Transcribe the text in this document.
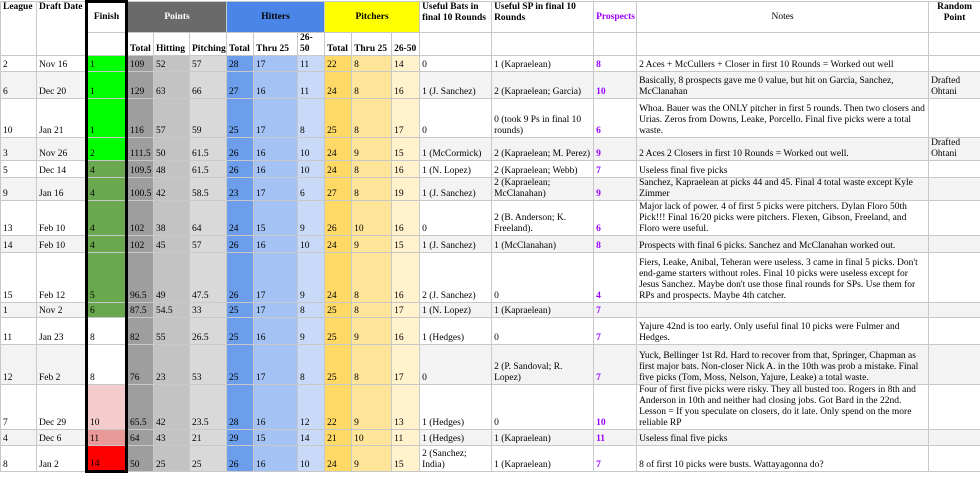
League	Draft Date	Finish	Points			Hitters			Pitchers			Useful Bats in final 10 Rounds	Useful SP in final 10 Rounds	Prospects	Notes	Random Point
			Total	Hitting	Pitching	Total	Thru 25	26-50	Total	Thru 25	26-50					
2	Nov 16	1	109	52	57	28	17	11	22	8	14	0	1 (Kapraelean)	8	2 Aces + McCullers + Closer in first 10 Rounds = Worked out well	
6	Dec 20	1	129	63	66	27	16	11	24	8	16	1 (J. Sanchez)	2 (Kapraelean; Garcia)	10	Basically, 8 prospects gave me 0 value, but hit on Garcia, Sanchez, McClanahan	Drafted Ohtani
10	Jan 21	1	116	57	59	25	17	8	25	8	17	0	0 (took 9 Ps in final 10 rounds)	6	Whoa. Bauer was the ONLY pitcher in first 5 rounds. Then two closers and Urias. Zeros from Downs, Leake, Porcello. Final five picks were a total waste.	
3	Nov 26	2	111.5	50	61.5	26	16	10	24	9	15	1 (McCormick)	2 (Kapraelean; M. Perez)	9	2 Aces 2 Closers in first 10 Rounds = Worked out well.	Drafted Ohtani
5	Dec 14	4	109.5	48	61.5	26	16	10	24	8	16	1 (N. Lopez)	2 (Kapraelean; Webb)	7	Useless final five picks	
9	Jan 16	4	100.5	42	58.5	23	17	6	27	8	19	1 (J. Sanchez)	2 (Kapraelean; McClanahan)	9	Sanchez, Kapraelean at picks 44 and 45. Final 4 total waste except Kyle Zimmer	
13	Feb 10	4	102	38	64	24	15	9	26	10	16	0	2 (B. Anderson; K. Freeland).	6	Major lack of power. 4 of first 5 picks were pitchers. Dylan Floro 50th Pick!!! Final 16/20 picks were pitchers. Flexen, Gibson, Freeland, and Floro were useful.	
14	Feb 10	4	102	45	57	26	16	10	24	9	15	1 (J. Sanchez)	1 (McClanahan)	8	Prospects with final 6 picks. Sanchez and McClanahan worked out.	
15	Feb 12	5	96.5	49	47.5	26	17	9	24	8	16	2 (J. Sanchez)	0	4	Fiers, Leake, Anibal, Teheran were useless. 3 came in final 5 picks. Don't end-game starters without roles. Final 10 picks were useless except for Jesus Sanchez. Maybe don't use those final rounds for SPs. Use them for RPs and prospects. Maybe 4th catcher.	
1	Nov 2	6	87.5	54.5	33	25	17	8	25	8	17	1 (N. Lopez)	1 (Kapraelean)	7		
11	Jan 23	8	82	55	26.5	25	16	9	25	9	16	1 (Hedges)	0	7	Yajure 42nd is too early. Only useful final 10 picks were Fulmer and Hedges.	
12	Feb 2	8	76	23	53	25	17	8	25	8	17	0	2 (P. Sandoval; R. Lopez)	7	Yuck, Bellinger 1st Rd. Hard to recover from that, Springer, Chapman as first major bats. Non-closer Nick A. in the 10th was prob a mistake. Final five picks (Tom, Moss, Nelson, Yajure, Leake) a total waste.	
7	Dec 29	10	65.5	42	23.5	28	16	12	22	9	13	1 (Hedges)	0	10	Four of first five picks were risky. They all busted too. Rogers in 8th and Anderson in 10th and neither had closing jobs. Got Bard in the 22nd. Lesson = If you speculate on closers, do it late. Only spend on the more reliable RP	
4	Dec 6	11	64	43	21	29	15	14	21	10	11	1 (Hedges)	1 (Kapraelean)	11	Useless final five picks	
8	Jan 2	14	50	25	25	26	16	10	24	9	15	2 (Sanchez; India)	1 (Kapraelean)	7	8 of first 10 picks were busts. Wattayagonna do?	
